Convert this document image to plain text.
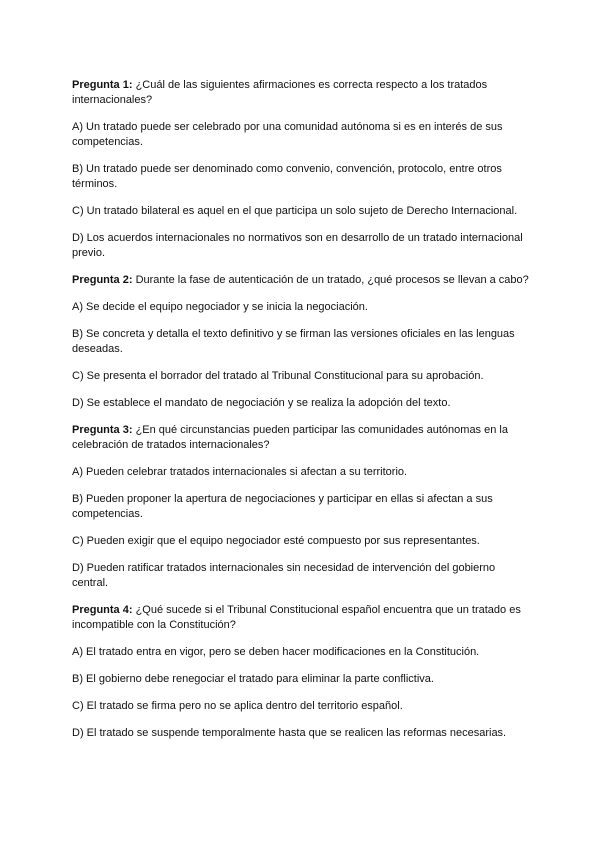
Pregunta 1: ¿Cuál de las siguientes afirmaciones es correcta respecto a los tratados internacionales?

A) Un tratado puede ser celebrado por una comunidad autónoma si es en interés de sus competencias.

B) Un tratado puede ser denominado como convenio, convención, protocolo, entre otros términos.

C) Un tratado bilateral es aquel en el que participa un solo sujeto de Derecho Internacional.

D) Los acuerdos internacionales no normativos son en desarrollo de un tratado internacional previo.

Pregunta 2: Durante la fase de autenticación de un tratado, ¿qué procesos se llevan a cabo?

A) Se decide el equipo negociador y se inicia la negociación.

B) Se concreta y detalla el texto definitivo y se firman las versiones oficiales en las lenguas deseadas.

C) Se presenta el borrador del tratado al Tribunal Constitucional para su aprobación.

D) Se establece el mandato de negociación y se realiza la adopción del texto.

Pregunta 3: ¿En qué circunstancias pueden participar las comunidades autónomas en la celebración de tratados internacionales?

A) Pueden celebrar tratados internacionales si afectan a su territorio.

B) Pueden proponer la apertura de negociaciones y participar en ellas si afectan a sus competencias.

C) Pueden exigir que el equipo negociador esté compuesto por sus representantes.

D) Pueden ratificar tratados internacionales sin necesidad de intervención del gobierno central.

Pregunta 4: ¿Qué sucede si el Tribunal Constitucional español encuentra que un tratado es incompatible con la Constitución?

A) El tratado entra en vigor, pero se deben hacer modificaciones en la Constitución.

B) El gobierno debe renegociar el tratado para eliminar la parte conflictiva.

C) El tratado se firma pero no se aplica dentro del territorio español.

D) El tratado se suspende temporalmente hasta que se realicen las reformas necesarias.
